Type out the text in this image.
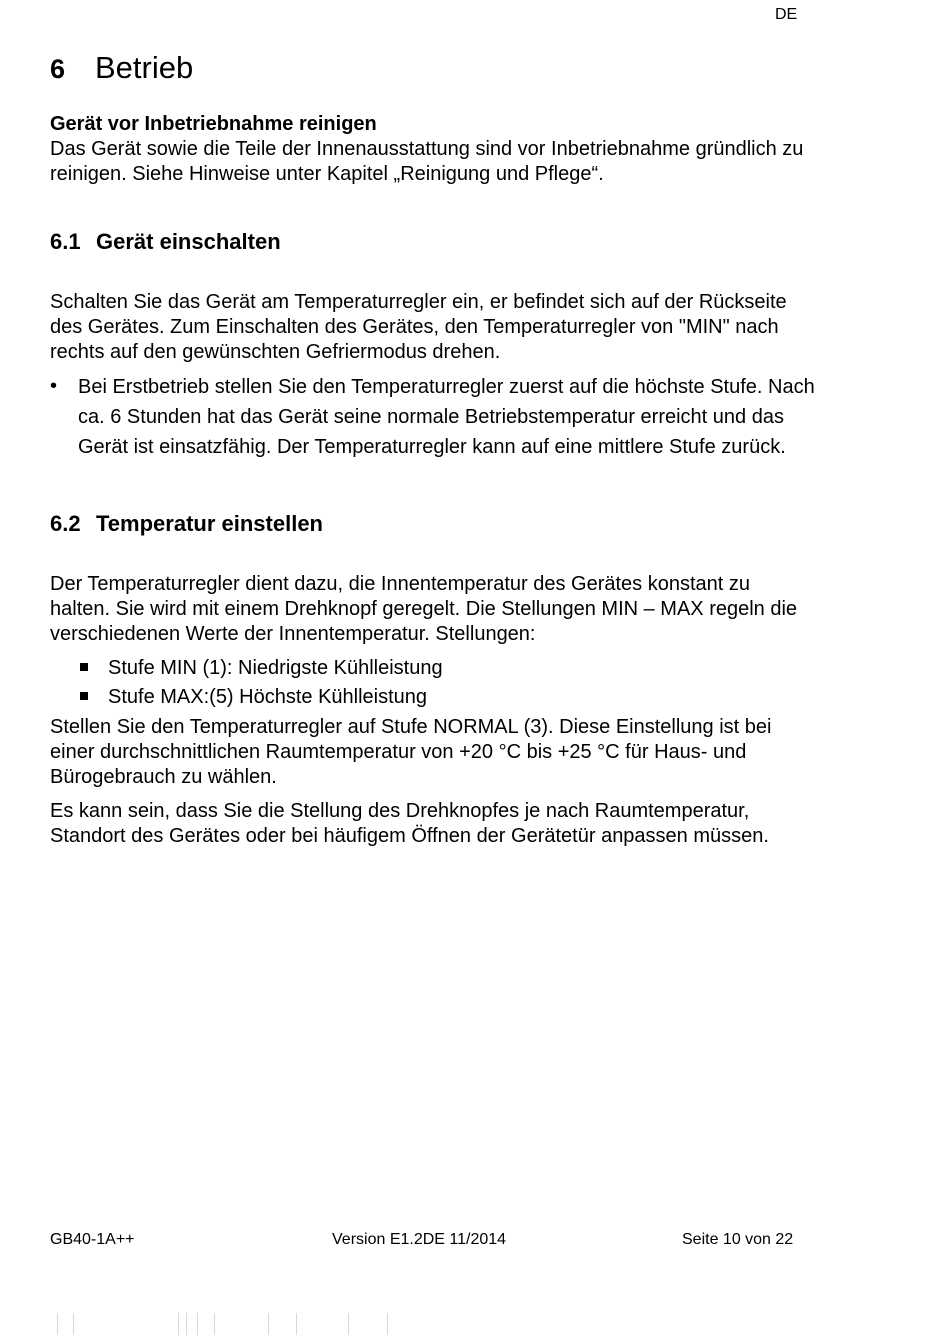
DE
6 Betrieb
Gerät vor Inbetriebnahme reinigen
Das Gerät sowie die Teile der Innenausstattung sind vor Inbetriebnahme gründlich zu
reinigen. Siehe Hinweise unter Kapitel „Reinigung und Pflege“.
6.1 Gerät einschalten
Schalten Sie das Gerät am Temperaturregler ein, er befindet sich auf der Rückseite
des Gerätes. Zum Einschalten des Gerätes, den Temperaturregler von "MIN" nach
rechts auf den gewünschten Gefriermodus drehen.
• Bei Erstbetrieb stellen Sie den Temperaturregler zuerst auf die höchste Stufe. Nach
ca. 6 Stunden hat das Gerät seine normale Betriebstemperatur erreicht und das
Gerät ist einsatzfähig. Der Temperaturregler kann auf eine mittlere Stufe zurück.
6.2 Temperatur einstellen
Der Temperaturregler dient dazu, die Innentemperatur des Gerätes konstant zu
halten. Sie wird mit einem Drehknopf geregelt. Die Stellungen MIN – MAX regeln die
verschiedenen Werte der Innentemperatur. Stellungen:
Stufe MIN (1): Niedrigste Kühlleistung
Stufe MAX:(5) Höchste Kühlleistung
Stellen Sie den Temperaturregler auf Stufe NORMAL (3). Diese Einstellung ist bei
einer durchschnittlichen Raumtemperatur von +20 °C bis +25 °C für Haus- und
Bürogebrauch zu wählen.
Es kann sein, dass Sie die Stellung des Drehknopfes je nach Raumtemperatur,
Standort des Gerätes oder bei häufigem Öffnen der Gerätetür anpassen müssen.
GB40-1A++	Version E1.2DE 11/2014	Seite 10 von 22
